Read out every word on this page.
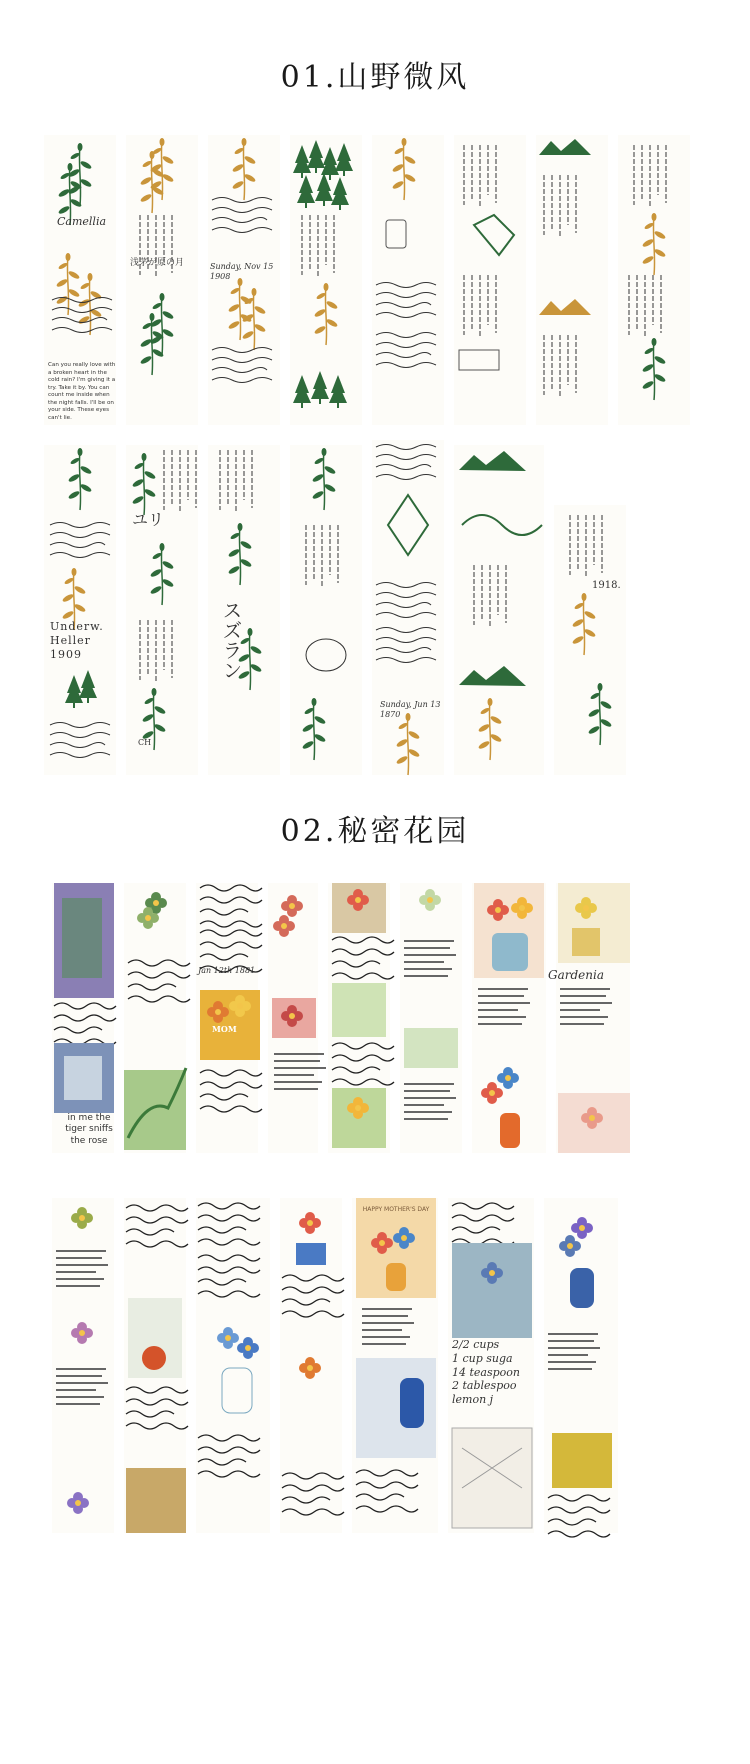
01.山野微风
Camellia
Can you really love with a broken heart in the cold rain? I'm giving it a try. Take it by. You can count me inside when the night falls. I'll be on your side. These eyes can't lie.
浅茅が原の月	Sunday, Nov 15 1908
ユリ
スズラン
Underw.
Heller
1909
Sunday, Jun 13 1870
1918.
CH
02.秘密花园
in me the
tiger sniffs
the rose
MOM
Gardenia
Jan 12th 1881
2/2 cups
1 cup suga
14 teaspoon
2 tablespoo
lemon j
HAPPY MOTHER'S DAY
